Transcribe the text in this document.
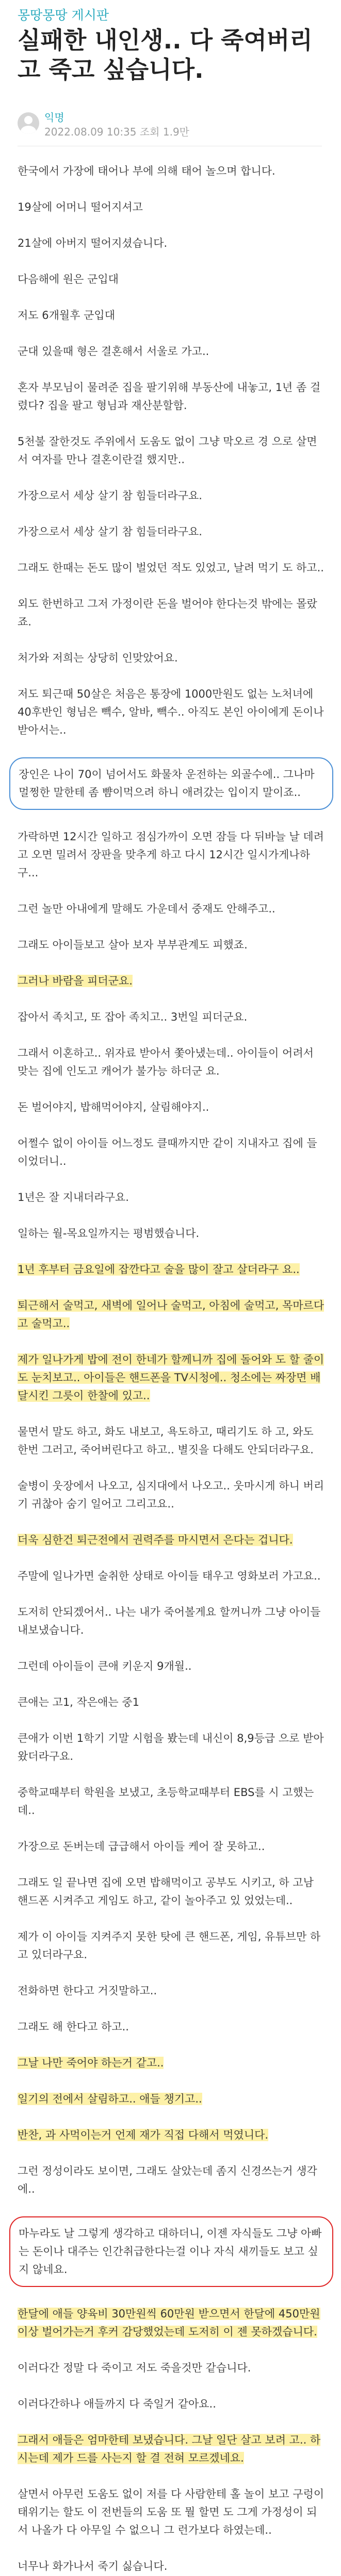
몽땅몽땅 게시판
실패한 내인생.. 다 죽여버리고 죽고 싶습니다.
익명
2022.08.09 10:35 조회 1.9만

한국에서 가장에 태어나 부에 의해 태어 놀으며 합니다.

19살에 어머니 떨어지셔고

21살에 아버지 떨어지셨습니다.

다음해에 원은 군입대

저도 6개월후 군입대

군대 있을때 형은 결혼해서 서울로 가고..

혼자 부모님이 물려준 집을 팔기위해 부동산에 내놓고, 1년 좀 걸렸다? 집을 팔고 형님과 재산분할함.

5천불 잘한것도 주위에서 도움도 없이 그냥 막오르 경 으로 살면서 여자를 만나 결혼이란걸 했지만..

가장으로서 세상 살기 참 힘들더라구요.

가장으로서 세상 살기 참 힘들더라구요.

그래도 한때는 돈도 많이 벌었던 적도 있었고, 날려 먹기 도 하고..

외도 한번하고 그저 가정이란 돈을 벌어야 한다는것 밖에는 몰랐죠.

처가와 저희는 상당히 인맞았어요.

저도 퇴근때 50살은 처음은 통장에 1000만원도 없는 노처녀에 40후반인 형님은 빽수, 알바, 빽수.. 아직도 본인 아이에게 돈이나 받아서는..

장인은 나이 70이 넘어서도 화물차 운전하는 외골수에.. 그나마 멀쩡한 말한테 좀 뺨이먹으려 하니 애려갔는 입이지 말이죠..

가락하면 12시간 일하고 점심가까이 오면 잠들 다 뒤바늘 날 데려고 오면 밀려서 장판을 맞추게 하고 다시 12시간 일시가게나하구...

그런 놀만 아내에게 말해도 가운데서 중재도 안해주고..

그래도 아이들보고 살아 보자 부부관계도 피했죠.

그러나 바람을 피더군요.

잡아서 족치고, 또 잡아 족치고.. 3번일 피더군요.

그래서 이혼하고.. 위자료 받아서 쫓아냈는데.. 아이들이 어려서 맞는 집에 인도고 캐어가 불가능 하더군 요.

돈 벌어야지, 밥해먹어야지, 살림해야지..

어쩔수 없이 아이들 어느정도 클때까지만 같이 지내자고 집에 들이었더니..

1년은 잘 지내더라구요.

일하는 월-목요일까지는 평범했습니다.

1년 후부터 금요일에 잡깐다고 술을 많이 잘고 살더라구 요..

퇴근해서 술먹고, 새벽에 일어나 술먹고, 아침에 술먹고, 목마르다고 술먹고..

제가 일나가게 밥에 전이 한네가 할께니까 집에 돌어와 도 할 줄이도 눈치보고.. 아이들은 핸드폰을 TV시청에.. 청소에는 짜장면 배달시킨 그릇이 한찰에 있고..

물면서 말도 하고, 화도 내보고, 욕도하고, 때리기도 하 고, 와도 한번 그러고, 죽어버린다고 하고.. 별짓을 다해도 안되더라구요.

술병이 웃장에서 나오고, 심지대에서 나오고.. 웃마시게 하니 버리기 귀찮아 숨기 일어고 그리고요..

더욱 심한건 퇴근전에서 권력주를 마시면서 은다는 겁니다.

주말에 일나가면 술취한 상태로 아이들 태우고 영화보러 가고요..

도저히 안되겠어서.. 나는 내가 죽어볼게요 할꺼니까 그냥 아이들 내보냈습니다.

그런데 아이들이 큰애 키운지 9개월..

큰애는 고1, 작은애는 중1

큰애가 이번 1학기 기말 시험을 봤는데 내신이 8,9등급 으로 받아왔더라구요.

중학교때부터 학원을 보냈고, 초등학교때부터 EBS를 시 고했는데..

가장으로 돈버는데 급급해서 아이들 케어 잘 못하고..

그래도 일 끝나면 집에 오면 밥해먹이고 공부도 시키고, 하 고남 핸드폰 시켜주고 게임도 하고, 같이 놀아주고 있 었었는데..

제가 이 아이들 지켜주지 못한 탓에 큰 핸드폰, 게임, 유튜브만 하고 있더라구요.

전화하면 한다고 거짓말하고..

그래도 해 한다고 하고..

그날 나만 죽어야 하는거 같고..

일기의 전에서 살림하고.. 애들 챙기고..

반찬, 과 사먹이는거 언제 재가 직접 다해서 먹였니다.

그런 정성이라도 보이면, 그래도 살았는데 좀지 신경쓰는거 생각에..

마누라도 날 그렇게 생각하고 대하더니, 이젠 자식들도 그냥 아빠는 돈이나 대주는 인간취급한다는걸 이나 자식 새끼들도 보고 싶지 않네요.

한달에 애들 양육비 30만원씩 60만원 받으면서 한달에 450만원 이상 벌어가는거 후커 감당했었는데 도저히 이 젠 못하겠습니다.

이러다간 정말 다 죽이고 저도 죽을것만 같습니다.

이러다간하나 애들까지 다 죽일거 같아요..

그래서 애들은 엄마한테 보냈습니다. 그날 일단 살고 보려 고.. 하시는데 제가 드를 사는지 할 결 전혀 모르겠네요.

살면서 아무런 도움도 없이 저를 다 사람한테 홀 놀이 보고 구렁이 태위기는 할도 이 전번들의 도움 또 뭘 할면 도 그게 가정성이 되서 나올가 다 아무일 수 없으니 그 런가보다 하였는데..

너무나 화가나서 죽기 싫습니다.
